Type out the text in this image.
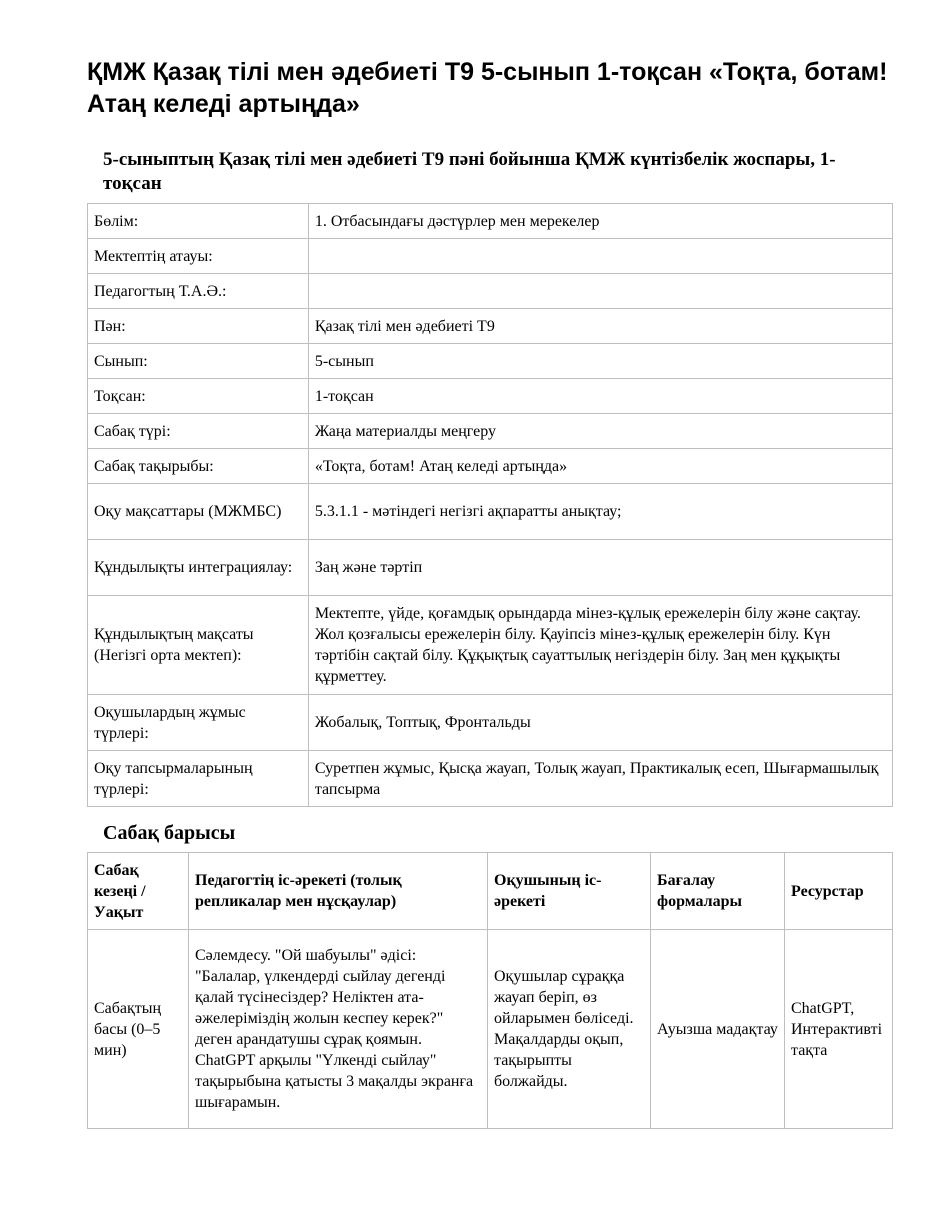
ҚМЖ Қазақ тілі мен әдебиеті Т9 5-сынып 1-тоқсан «Тоқта, ботам! Атаң келеді артыңда»
5-сыныптың Қазақ тілі мен әдебиеті Т9 пәні бойынша ҚМЖ күнтізбелік жоспары, 1-тоқсан
Бөлім:	1. Отбасындағы дәстүрлер мен мерекелер
Мектептің атауы:	
Педагогтың Т.А.Ә.:	
Пән:	Қазақ тілі мен әдебиеті Т9
Сынып:	5-сынып
Тоқсан:	1-тоқсан
Сабақ түрі:	Жаңа материалды меңгеру
Сабақ тақырыбы:	«Тоқта, ботам! Атаң келеді артыңда»
Оқу мақсаттары (МЖМБС)	5.3.1.1 - мәтіндегі негізгі ақпаратты анықтау;
Құндылықты интеграциялау:	Заң және тәртіп
Құндылықтың мақсаты (Негізгі орта мектеп):	Мектепте, үйде, қоғамдық орындарда мінез-құлық ережелерін білу және сақтау. Жол қозғалысы ережелерін білу. Қауіпсіз мінез-құлық ережелерін білу. Күн тәртібін сақтай білу. Құқықтық сауаттылық негіздерін білу. Заң мен құқықты құрметтеу.
Оқушылардың жұмыс түрлері:	Жобалық, Топтық, Фронтальды
Оқу тапсырмаларының түрлері:	Суретпен жұмыс, Қысқа жауап, Толық жауап, Практикалық есеп, Шығармашылық тапсырма
Сабақ барысы
Сабақ кезеңі / Уақыт	Педагогтің іс-әрекеті (толық репликалар мен нұсқаулар)	Оқушының іс-әрекеті	Бағалау формалары	Ресурстар
Сабақтың басы (0–5 мин)	Сәлемдесу. "Ой шабуылы" әдісі: "Балалар, үлкендерді сыйлау дегенді қалай түсінесіздер? Неліктен ата-әжелеріміздің жолын кеспеу керек?" деген арандатушы сұрақ қоямын. ChatGPT арқылы "Үлкенді сыйлау" тақырыбына қатысты 3 мақалды экранға шығарамын.	Оқушылар сұраққа жауап беріп, өз ойларымен бөліседі. Мақалдарды оқып, тақырыпты болжайды.	Ауызша мадақтау	ChatGPT, Интерактивті тақта
